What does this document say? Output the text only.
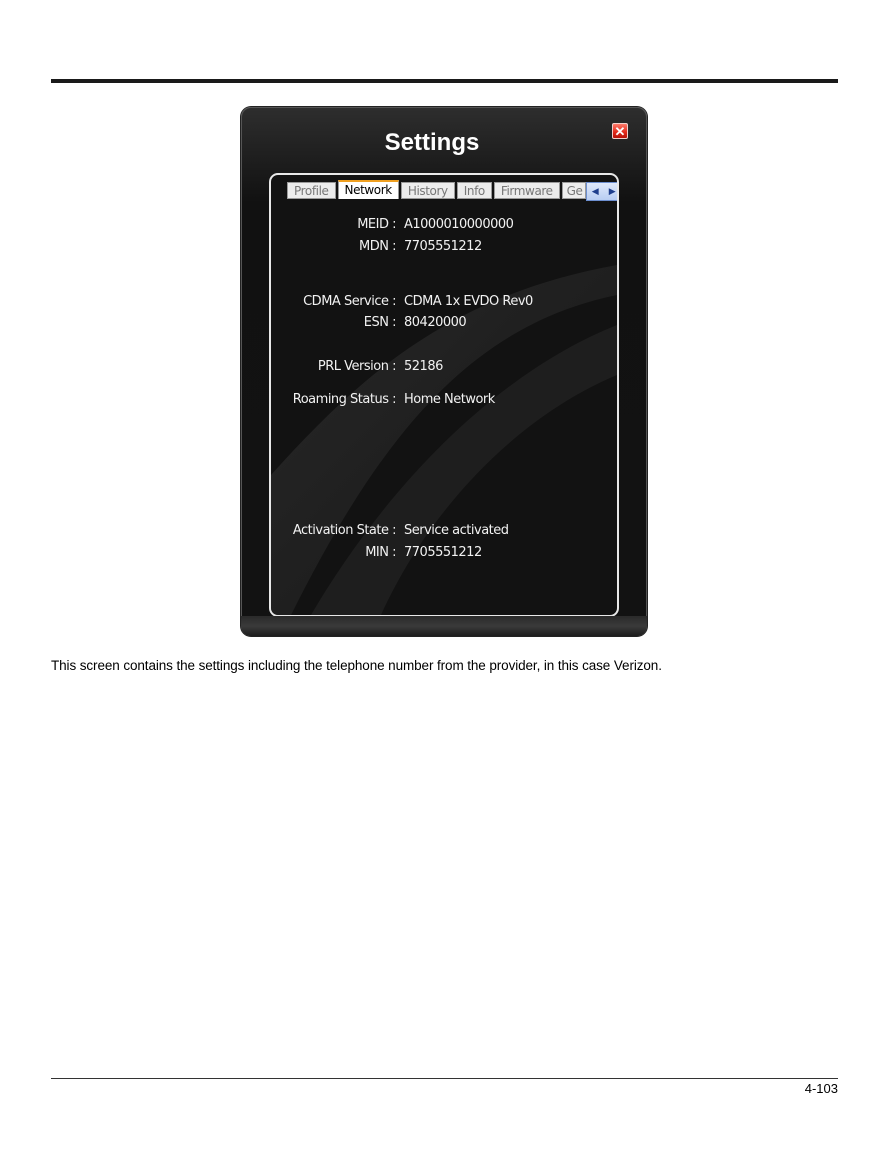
Settings	✕
Profile	Network	History	Info	Firmware	Ge	◀	▶
MEID : A1000010000000
MDN : 7705551212
CDMA Service : CDMA 1x EVDO Rev0
ESN : 80420000
PRL Version : 52186
Roaming Status : Home Network
Activation State : Service activated
MIN : 7705551212
This screen contains the settings including the telephone number from the provider, in this case Verizon.
4-103
